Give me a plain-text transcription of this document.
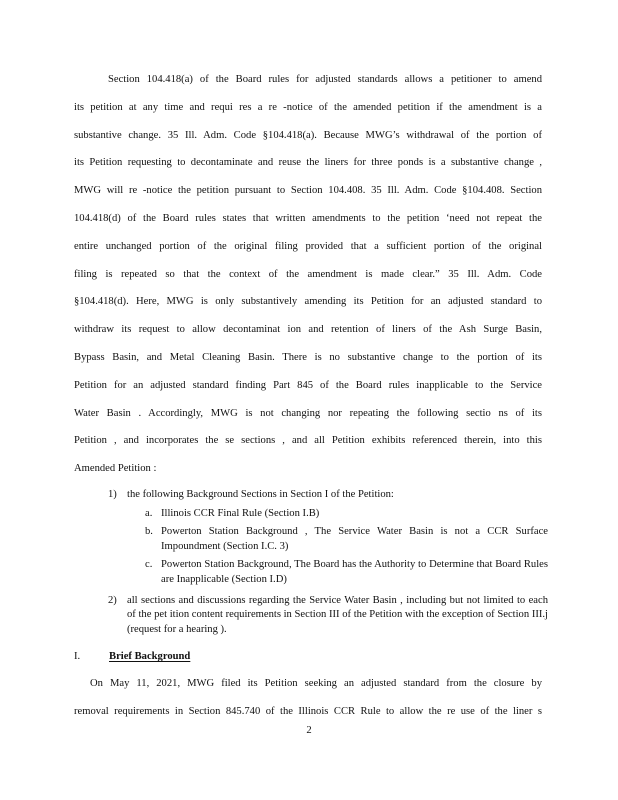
Section 104.418(a) of the Board rules for adjusted standards allows a petitioner to amend
its petition at any time and requi res a re -notice of the amended petition if the amendment is a
substantive change. 35 Ill. Adm. Code §104.418(a). Because MWG’s withdrawal of the portion of
its Petition requesting to decontaminate and reuse the liners for three ponds is a substantive change ,
MWG will re -notice the petition pursuant to Section 104.408. 35 Ill. Adm. Code §104.408. Section
104.418(d) of the Board rules states that written amendments to the petition ‘need not repeat the
entire unchanged portion of the original filing provided that a sufficient portion of the original
filing is repeated so that the context of the amendment is made clear.” 35 Ill. Adm. Code
§104.418(d). Here, MWG is only substantively amending its Petition for an adjusted standard to
withdraw its request to allow decontaminat ion and retention of liners of the Ash Surge Basin,
Bypass Basin, and Metal Cleaning Basin. There is no substantive change to the portion of its
Petition for an adjusted standard finding Part 845 of the Board rules inapplicable to the Service
Water Basin . Accordingly, MWG is not changing nor repeating the following sectio ns of its
Petition , and incorporates the se sections , and all Petition exhibits referenced therein, into this
Amended Petition :
1) the following Background Sections in Section I of the Petition:
a. Illinois CCR Final Rule (Section I.B)
b. Powerton Station Background , The Service Water Basin is not a CCR Surface Impoundment (Section I.C. 3)
c. Powerton Station Background, The Board has the Authority to Determine that Board Rules are Inapplicable (Section I.D)
2) all sections and discussions regarding the Service Water Basin , including but not limited to each of the pet ition content requirements in Section III of the Petition with the exception of Section III.j (request for a hearing ).
I.	Brief Background
On May 11, 2021, MWG filed its Petition seeking an adjusted standard from the closure by
removal requirements in Section 845.740 of the Illinois CCR Rule to allow the re use of the liner s
2
